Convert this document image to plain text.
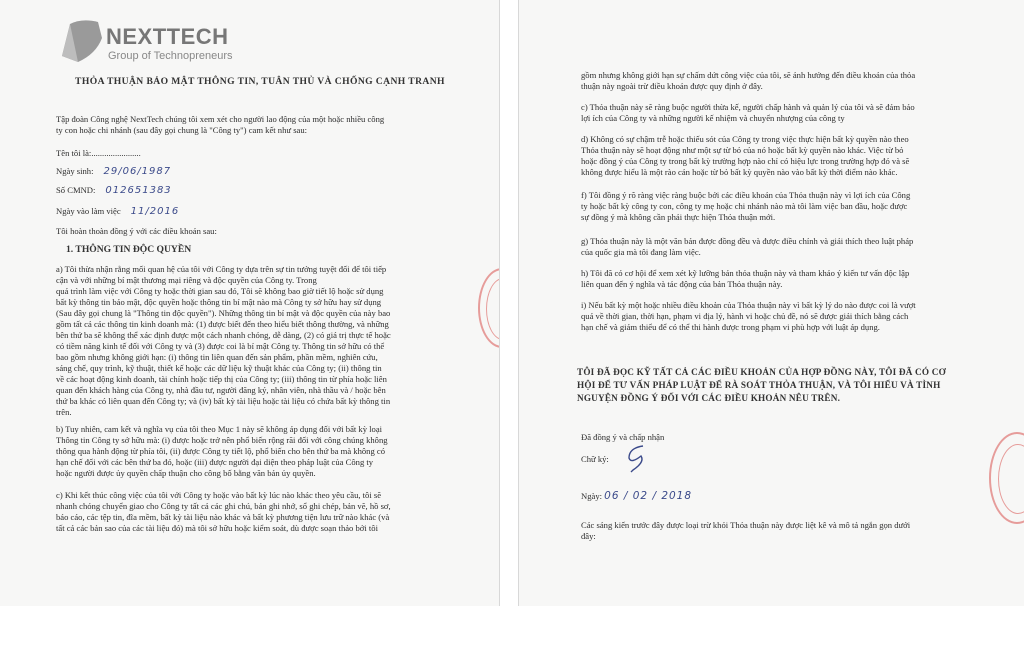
NEXTTECH
Group of Technopreneurs
THỎA THUẬN BẢO MẬT THÔNG TIN, TUÂN THỦ VÀ CHỐNG CẠNH TRANH
Tập đoàn Công nghệ NextTech chúng tôi xem xét cho người lao động của một hoặc nhiều công
ty con hoặc chi nhánh (sau đây gọi chung là "Công ty") cam kết như sau:
Tên tôi là:.......................
Ngày sinh: 29/06/1987
Số CMND: 012651383
Ngày vào làm việc 11/2016
Tôi hoàn thoàn đồng ý với các điều khoản sau:
1. THÔNG TIN ĐỘC QUYỀN
a) Tôi thừa nhận rằng mối quan hệ của tôi với Công ty dựa trên sự tin tưởng tuyệt đối để tôi tiếp
cận và với những bí mật thương mại riêng và độc quyền của Công ty. Trong
quá trình làm việc với Công ty hoặc thời gian sau đó, Tôi sẽ không bao giờ tiết lộ hoặc sử dụng
bất kỳ thông tin bảo mật, độc quyền hoặc thông tin bí mật nào mà Công ty sở hữu hay sử dụng
(Sau đây gọi chung là "Thông tin độc quyền"). Những thông tin bí mật và độc quyền của này bao
gồm tất cả các thông tin kinh doanh mà: (1) được biết đến theo hiểu biết thông thường, và những
bên thứ ba sẽ không thể xác định được một cách nhanh chóng, dễ dàng, (2) có giá trị thực tế hoặc
có tiềm năng kinh tế đối với Công ty và (3) được coi là bí mật Công ty. Thông tin sở hữu có thể
bao gồm nhưng không giới hạn: (i) thông tin liên quan đến sản phẩm, phần mềm, nghiên cứu,
sáng chế, quy trình, kỹ thuật, thiết kế hoặc các dữ liệu kỹ thuật khác của Công ty; (ii) thông tin
về các hoạt động kinh doanh, tài chính hoặc tiếp thị của Công ty; (iii) thông tin từ phía hoặc liên
quan đến khách hàng của Công ty, nhà đầu tư, người đăng ký, nhân viên, nhà thầu và / hoặc bên
thứ ba khác có liên quan đến Công ty; và (iv) bất kỳ tài liệu hoặc tài liệu có chứa bất kỳ thông tin
trên.
b) Tuy nhiên, cam kết và nghĩa vụ của tôi theo Mục 1 này sẽ không áp dụng đối với bất kỳ loại
Thông tin Công ty sở hữu mà: (i) được hoặc trở nên phổ biến rộng rãi đối với công chúng không
thông qua hành động từ phía tôi, (ii) được Công ty tiết lộ, phổ biến cho bên thứ ba mà không có
hạn chế đối với các bên thứ ba đó, hoặc (iii) được người đại diện theo pháp luật của Công ty
hoặc người được ủy quyền chấp thuận cho công bố bằng văn bản ủy quyền.
c) Khi kết thúc công việc của tôi với Công ty hoặc vào bất kỳ lúc nào khác theo yêu cầu, tôi sẽ
nhanh chóng chuyển giao cho Công ty tất cả các ghi chú, bản ghi nhớ, sổ ghi chép, bản vẽ, hồ sơ,
báo cáo, các tệp tin, đĩa mềm, bất kỳ tài liệu nào khác và bất kỳ phương tiện lưu trữ nào khác (và
tất cả các bản sao của các tài liệu đó) mà tôi sở hữu hoặc kiểm soát, dù được soạn thảo bởi tôi
gồm nhưng không giới hạn sự chấm dứt công việc của tôi, sẽ ảnh hưởng đến điều khoản của thỏa
thuận này ngoài trừ điều khoản được quy định ở đây.
c) Thỏa thuận này sẽ ràng buộc người thừa kế, người chấp hành và quản lý của tôi và sẽ đảm bảo
lợi ích của Công ty và những người kế nhiệm và chuyển nhượng của công ty
d) Không có sự chậm trễ hoặc thiếu sót của Công ty trong việc thực hiện bất kỳ quyền nào theo
Thỏa thuận này sẽ hoạt động như một sự từ bỏ của nó hoặc bất kỳ quyền nào khác. Việc từ bỏ
hoặc đồng ý của Công ty trong bất kỳ trường hợp nào chỉ có hiệu lực trong trường hợp đó và sẽ
không được hiểu là một rào cản hoặc từ bỏ bất kỳ quyền nào vào bất kỳ thời điểm nào khác.
f) Tôi đồng ý rõ ràng việc ràng buộc bởi các điều khoản của Thỏa thuận này vì lợi ích của Công
ty hoặc bất kỳ công ty con, công ty mẹ hoặc chi nhánh nào mà tôi làm việc ban đầu, hoặc được
sự đồng ý mà không cần phải thực hiện Thỏa thuận mới.
g) Thỏa thuận này là một văn bản được đồng đều và được điều chỉnh và giải thích theo luật pháp
của quốc gia mà tôi đang làm việc.
h) Tôi đã có cơ hội để xem xét kỹ lưỡng bản thỏa thuận này và tham khảo ý kiến tư vấn độc lập
liên quan đến ý nghĩa và tác động của bản Thỏa thuận này.
i) Nếu bất kỳ một hoặc nhiều điều khoản của Thỏa thuận này vì bất kỳ lý do nào được coi là vượt
quá về thời gian, thời hạn, phạm vi địa lý, hành vi hoặc chủ đề, nó sẽ được giải thích bằng cách
hạn chế và giảm thiểu để có thể thi hành được trong phạm vi phù hợp với luật áp dụng.
TÔI ĐÃ ĐỌC KỸ TẤT CẢ CÁC ĐIỀU KHOẢN CỦA HỢP ĐỒNG NÀY, TÔI ĐÃ CÓ CƠ
HỘI ĐỂ TƯ VẤN PHÁP LUẬT ĐỂ RÀ SOÁT THỎA THUẬN, VÀ TÔI HIỂU VÀ TÌNH
NGUYỆN ĐỒNG Ý ĐỐI VỚI CÁC ĐIỀU KHOẢN NÊU TRÊN.
Đã đồng ý và chấp nhận
Chữ ký:
Ngày: 06 / 02 / 2018
Các sáng kiến trước đây được loại trừ khỏi Thỏa thuận này được liệt kê và mô tả ngắn gọn dưới
đây:
